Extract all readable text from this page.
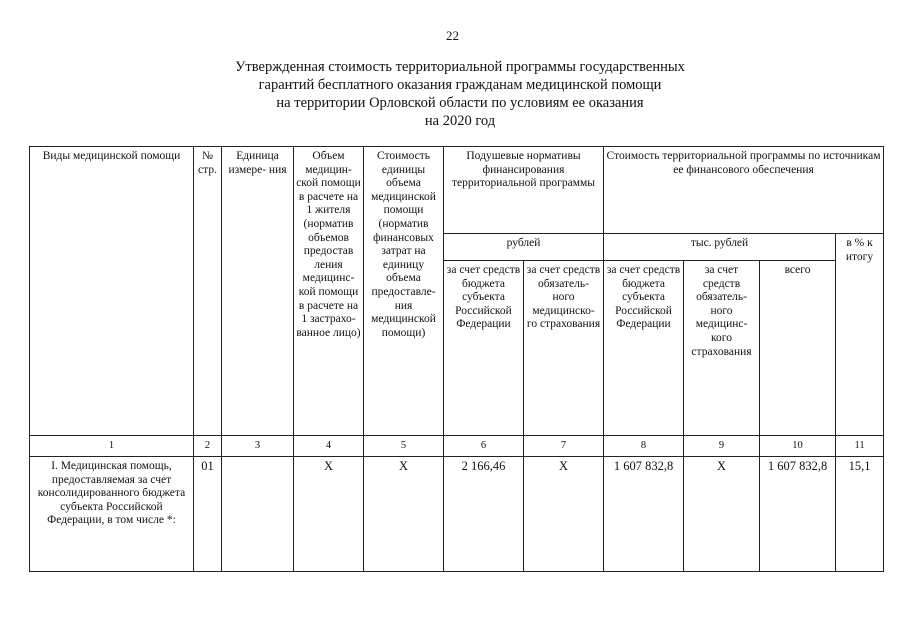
22
Утвержденная стоимость территориальной программы государственных
гарантий бесплатного оказания гражданам медицинской помощи
на территории Орловской области по условиям ее оказания
на 2020 год
Виды медицинской помощи	№ стр.	Единица измере- ния	Объем медицин- ской помощи в расчете на 1 жителя (норматив объемов предостав ления медицинс- кой помощи в расчете на 1 застрахо- ванное лицо)	Стоимость единицы объема медицинской помощи (норматив финансовых затрат на единицу объема предоставле- ния медицинской помощи)	Подушевые нормативы финансирования территориальной программы		Стоимость территориальной программы по источникам ее финансового обеспечения			
					рублей		тыс. рублей			в % к итогу
					за счет средств бюджета субъекта Российской Федерации	за счет средств обязатель- ного медицинско- го страхования	за счет средств бюджета субъекта Российской Федерации	за счет средств обязатель- ного медицинс- кого страхования	всего	
1	2	3	4	5	6	7	8	9	10	11
I. Медицинская помощь, предоставляемая за счет консолидированного бюджета субъекта Российской Федерации, в том числе *:	01		Х	Х	2 166,46	Х	1 607 832,8	Х	1 607 832,8	15,1
